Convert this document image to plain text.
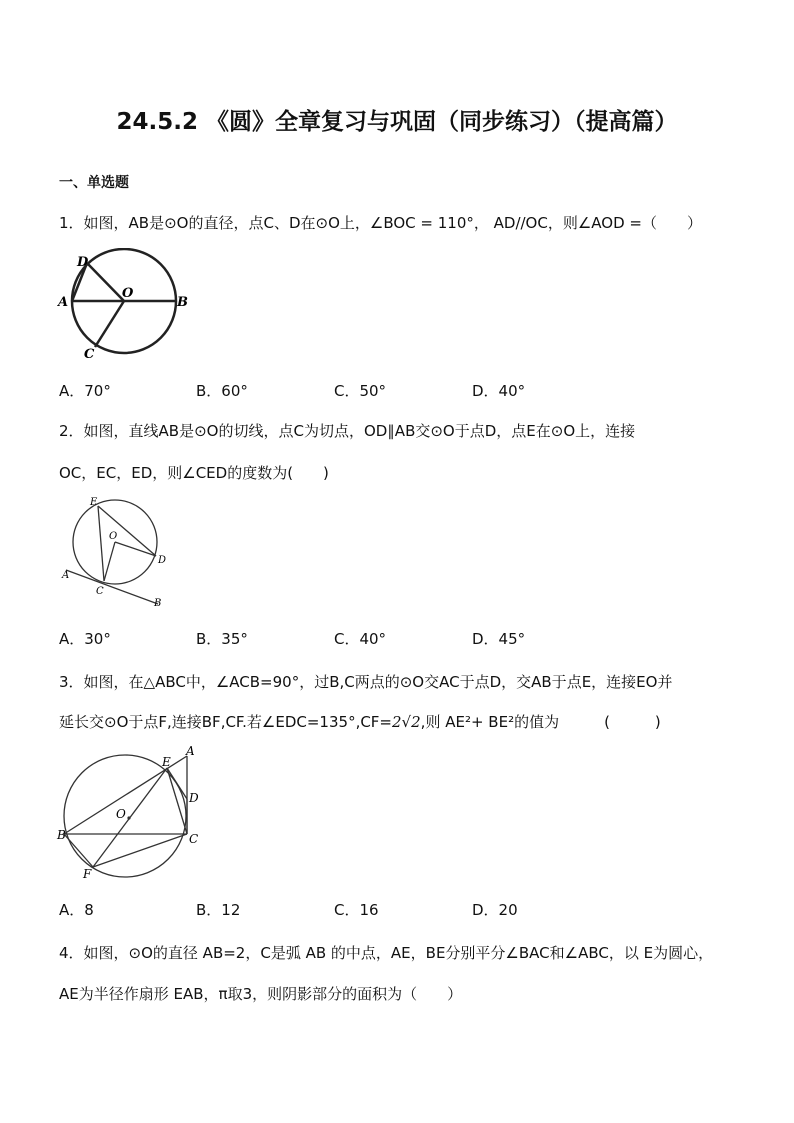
24.5.2 《圆》全章复习与巩固（同步练习）（提高篇）
一、单选题
1．如图，AB是⊙O的直径，点C、D在⊙O上，∠BOC = 110°， AD//OC，则∠AOD =（　　）
A	B
O
D
C
A．70°	B．60°	C．50°	D．40°
2．如图，直线AB是⊙O的切线，点C为切点，OD∥AB交⊙O于点D，点E在⊙O上，连接
OC，EC，ED，则∠CED的度数为(　　)
E
O
D
A
C
B
A．30°	B．35°	C．40°	D．45°
3．如图，在△ABC中，∠ACB=90°，过B,C两点的⊙O交AC于点D，交AB于点E，连接EO并
延长交⊙O于点F,连接BF,CF.若∠EDC=135°,CF=2√2,则 AE²+ BE²的值为　　　(　　　)
A
E
D
O
B	C
F
A．8	B．12	C．16	D．20
4．如图，⊙O的直径 AB=2，C是弧 AB 的中点，AE，BE分别平分∠BAC和∠ABC，以 E为圆心，
AE为半径作扇形 EAB，π取3，则阴影部分的面积为（　　）
